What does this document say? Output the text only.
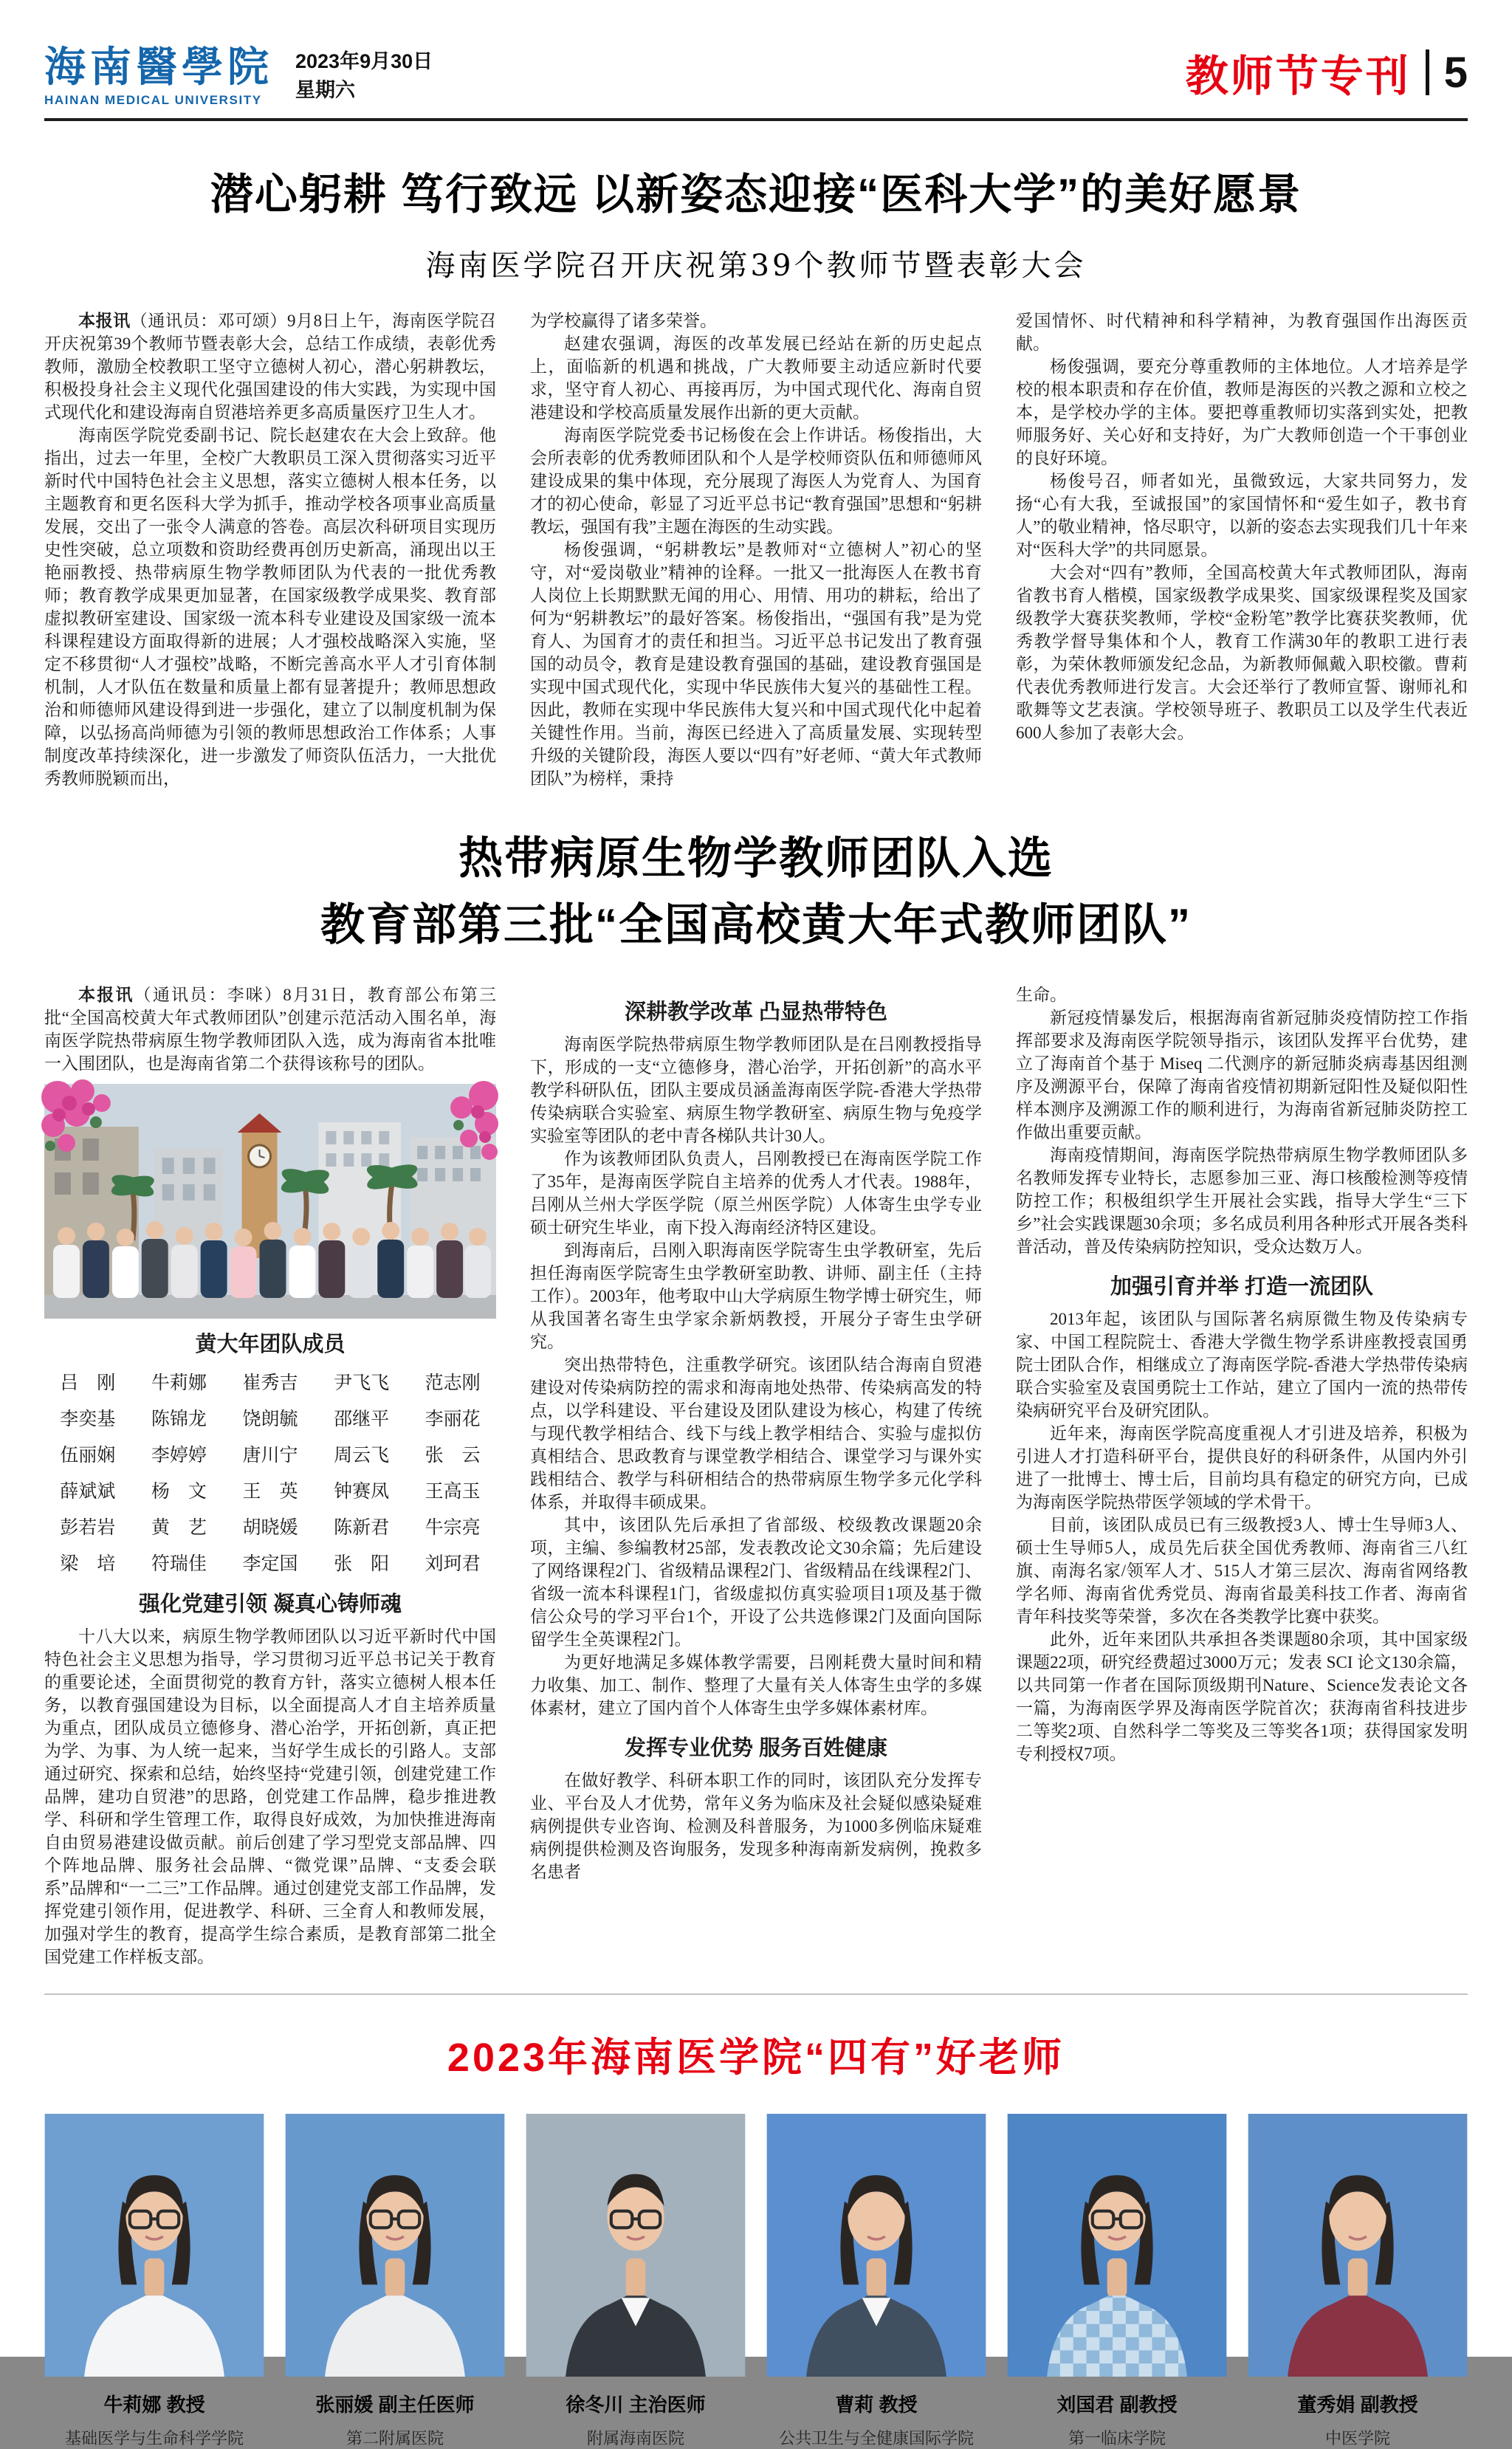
海南醫學院
HAINAN MEDICAL UNIVERSITY
2023年9月30日
星期六	教师节专刊 5
潜心躬耕 笃行致远 以新姿态迎接“医科大学”的美好愿景
海南医学院召开庆祝第39个教师节暨表彰大会

本报讯（通讯员：邓可颂）9月8日上午，海南医学院召开庆祝第39个教师节暨表彰大会，总结工作成绩，表彰优秀教师，激励全校教职工坚守立德树人初心，潜心躬耕教坛，积极投身社会主义现代化强国建设的伟大实践，为实现中国式现代化和建设海南自贸港培养更多高质量医疗卫生人才。

海南医学院党委副书记、院长赵建农在大会上致辞。他指出，过去一年里，全校广大教职员工深入贯彻落实习近平新时代中国特色社会主义思想，落实立德树人根本任务，以主题教育和更名医科大学为抓手，推动学校各项事业高质量发展，交出了一张令人满意的答卷。高层次科研项目实现历史性突破，总立项数和资助经费再创历史新高，涌现出以王艳丽教授、热带病原生物学教师团队为代表的一批优秀教师；教育教学成果更加显著，在国家级教学成果奖、教育部虚拟教研室建设、国家级一流本科专业建设及国家级一流本科课程建设方面取得新的进展；人才强校战略深入实施，坚定不移贯彻“人才强校”战略，不断完善高水平人才引育体制机制，人才队伍在数量和质量上都有显著提升；教师思想政治和师德师风建设得到进一步强化，建立了以制度机制为保障，以弘扬高尚师德为引领的教师思想政治工作体系；人事制度改革持续深化，进一步激发了师资队伍活力，一大批优秀教师脱颖而出，

为学校赢得了诸多荣誉。

赵建农强调，海医的改革发展已经站在新的历史起点上，面临新的机遇和挑战，广大教师要主动适应新时代要求，坚守育人初心、再接再厉，为中国式现代化、海南自贸港建设和学校高质量发展作出新的更大贡献。

海南医学院党委书记杨俊在会上作讲话。杨俊指出，大会所表彰的优秀教师团队和个人是学校师资队伍和师德师风建设成果的集中体现，充分展现了海医人为党育人、为国育才的初心使命，彰显了习近平总书记“教育强国”思想和“躬耕教坛，强国有我”主题在海医的生动实践。

杨俊强调，“躬耕教坛”是教师对“立德树人”初心的坚守，对“爱岗敬业”精神的诠释。一批又一批海医人在教书育人岗位上长期默默无闻的用心、用情、用功的耕耘，给出了何为“躬耕教坛”的最好答案。杨俊指出，“强国有我”是为党育人、为国育才的责任和担当。习近平总书记发出了教育强国的动员令，教育是建设教育强国的基础，建设教育强国是实现中国式现代化，实现中华民族伟大复兴的基础性工程。因此，教师在实现中华民族伟大复兴和中国式现代化中起着关键性作用。当前，海医已经进入了高质量发展、实现转型升级的关键阶段，海医人要以“四有”好老师、“黄大年式教师团队”为榜样，秉持

爱国情怀、时代精神和科学精神，为教育强国作出海医贡献。

杨俊强调，要充分尊重教师的主体地位。人才培养是学校的根本职责和存在价值，教师是海医的兴教之源和立校之本，是学校办学的主体。要把尊重教师切实落到实处，把教师服务好、关心好和支持好，为广大教师创造一个干事创业的良好环境。

杨俊号召，师者如光，虽微致远，大家共同努力，发扬“心有大我，至诚报国”的家国情怀和“爱生如子，教书育人”的敬业精神，恪尽职守，以新的姿态去实现我们几十年来对“医科大学”的共同愿景。

大会对“四有”教师，全国高校黄大年式教师团队，海南省教书育人楷模，国家级教学成果奖、国家级课程奖及国家级教学大赛获奖教师，学校“金粉笔”教学比赛获奖教师，优秀教学督导集体和个人，教育工作满30年的教职工进行表彰，为荣休教师颁发纪念品，为新教师佩戴入职校徽。曹莉代表优秀教师进行发言。大会还举行了教师宣誓、谢师礼和歌舞等文艺表演。学校领导班子、教职员工以及学生代表近600人参加了表彰大会。

热带病原生物学教师团队入选
教育部第三批“全国高校黄大年式教师团队”

本报讯（通讯员：李咪）8月31日，教育部公布第三批“全国高校黄大年式教师团队”创建示范活动入围名单，海南医学院热带病原生物学教师团队入选，成为海南省本批唯一入围团队，也是海南省第二个获得该称号的团队。

黄大年团队成员
吕　刚	牛莉娜	崔秀吉	尹飞飞	范志刚
李奕基	陈锦龙	饶朗毓	邵继平	李丽花
伍丽娴	李婷婷	唐川宁	周云飞	张　云
薛斌斌	杨　文	王　英	钟赛凤	王高玉
彭若岩	黄　艺	胡晓媛	陈新君	牛宗亮
梁　培	符瑞佳	李定国	张　阳	刘珂君
强化党建引领 凝真心铸师魂

十八大以来，病原生物学教师团队以习近平新时代中国特色社会主义思想为指导，学习贯彻习近平总书记关于教育的重要论述，全面贯彻党的教育方针，落实立德树人根本任务，以教育强国建设为目标，以全面提高人才自主培养质量为重点，团队成员立德修身、潜心治学，开拓创新，真正把为学、为事、为人统一起来，当好学生成长的引路人。支部通过研究、探索和总结，始终坚持“党建引领，创建党建工作品牌，建功自贸港”的思路，创党建工作品牌，稳步推进教学、科研和学生管理工作，取得良好成效，为加快推进海南自由贸易港建设做贡献。前后创建了学习型党支部品牌、四个阵地品牌、服务社会品牌、“微党课”品牌、“支委会联系”品牌和“一二三”工作品牌。通过创建党支部工作品牌，发挥党建引领作用，促进教学、科研、三全育人和教师发展，加强对学生的教育，提高学生综合素质，是教育部第二批全国党建工作样板支部。

深耕教学改革 凸显热带特色

海南医学院热带病原生物学教师团队是在吕刚教授指导下，形成的一支“立德修身，潜心治学，开拓创新”的高水平教学科研队伍，团队主要成员涵盖海南医学院-香港大学热带传染病联合实验室、病原生物学教研室、病原生物与免疫学实验室等团队的老中青各梯队共计30人。

作为该教师团队负责人，吕刚教授已在海南医学院工作了35年，是海南医学院自主培养的优秀人才代表。1988年，吕刚从兰州大学医学院（原兰州医学院）人体寄生虫学专业硕士研究生毕业，南下投入海南经济特区建设。

到海南后，吕刚入职海南医学院寄生虫学教研室，先后担任海南医学院寄生虫学教研室助教、讲师、副主任（主持工作）。2003年，他考取中山大学病原生物学博士研究生，师从我国著名寄生虫学家余新炳教授，开展分子寄生虫学研究。

突出热带特色，注重教学研究。该团队结合海南自贸港建设对传染病防控的需求和海南地处热带、传染病高发的特点，以学科建设、平台建设及团队建设为核心，构建了传统与现代教学相结合、线下与线上教学相结合、实验与虚拟仿真相结合、思政教育与课堂教学相结合、课堂学习与课外实践相结合、教学与科研相结合的热带病原生物学多元化学科体系，并取得丰硕成果。

其中，该团队先后承担了省部级、校级教改课题20余项，主编、参编教材25部，发表教改论文30余篇；先后建设了网络课程2门、省级精品课程2门、省级精品在线课程2门、省级一流本科课程1门，省级虚拟仿真实验项目1项及基于微信公众号的学习平台1个，开设了公共选修课2门及面向国际留学生全英课程2门。

为更好地满足多媒体教学需要，吕刚耗费大量时间和精力收集、加工、制作、整理了大量有关人体寄生虫学的多媒体素材，建立了国内首个人体寄生虫学多媒体素材库。

发挥专业优势 服务百姓健康

在做好教学、科研本职工作的同时，该团队充分发挥专业、平台及人才优势，常年义务为临床及社会疑似感染疑难病例提供专业咨询、检测及科普服务，为1000多例临床疑难病例提供检测及咨询服务，发现多种海南新发病例，挽救多名患者

生命。

新冠疫情暴发后，根据海南省新冠肺炎疫情防控工作指挥部要求及海南医学院领导指示，该团队发挥平台优势，建立了海南首个基于 Miseq 二代测序的新冠肺炎病毒基因组测序及溯源平台，保障了海南省疫情初期新冠阳性及疑似阳性样本测序及溯源工作的顺利进行，为海南省新冠肺炎防控工作做出重要贡献。

海南疫情期间，海南医学院热带病原生物学教师团队多名教师发挥专业特长，志愿参加三亚、海口核酸检测等疫情防控工作；积极组织学生开展社会实践，指导大学生“三下乡”社会实践课题30余项；多名成员利用各种形式开展各类科普活动，普及传染病防控知识，受众达数万人。

加强引育并举 打造一流团队

2013年起，该团队与国际著名病原微生物及传染病专家、中国工程院院士、香港大学微生物学系讲座教授袁国勇院士团队合作，相继成立了海南医学院-香港大学热带传染病联合实验室及袁国勇院士工作站，建立了国内一流的热带传染病研究平台及研究团队。

近年来，海南医学院高度重视人才引进及培养，积极为引进人才打造科研平台，提供良好的科研条件，从国内外引进了一批博士、博士后，目前均具有稳定的研究方向，已成为海南医学院热带医学领域的学术骨干。

目前，该团队成员已有三级教授3人、博士生导师3人、硕士生导师5人，成员先后获全国优秀教师、海南省三八红旗、南海名家/领军人才、515人才第三层次、海南省网络教学名师、海南省优秀党员、海南省最美科技工作者、海南省青年科技奖等荣誉，多次在各类教学比赛中获奖。

此外，近年来团队共承担各类课题80余项，其中国家级课题22项，研究经费超过3000万元；发表 SCI 论文130余篇，以共同第一作者在国际顶级期刊Nature、Science发表论文各一篇，为海南医学界及海南医学院首次；获海南省科技进步二等奖2项、自然科学二等奖及三等奖各1项；获得国家发明专利授权7项。

2023年海南医学院“四有”好老师
牛莉娜 教授
基础医学与生命科学学院
张丽媛 副主任医师
第二附属医院
徐冬川 主治医师
附属海南医院
曹莉 教授
公共卫生与全健康国际学院
刘国君 副教授
第一临床学院
董秀娟 副教授
中医学院
